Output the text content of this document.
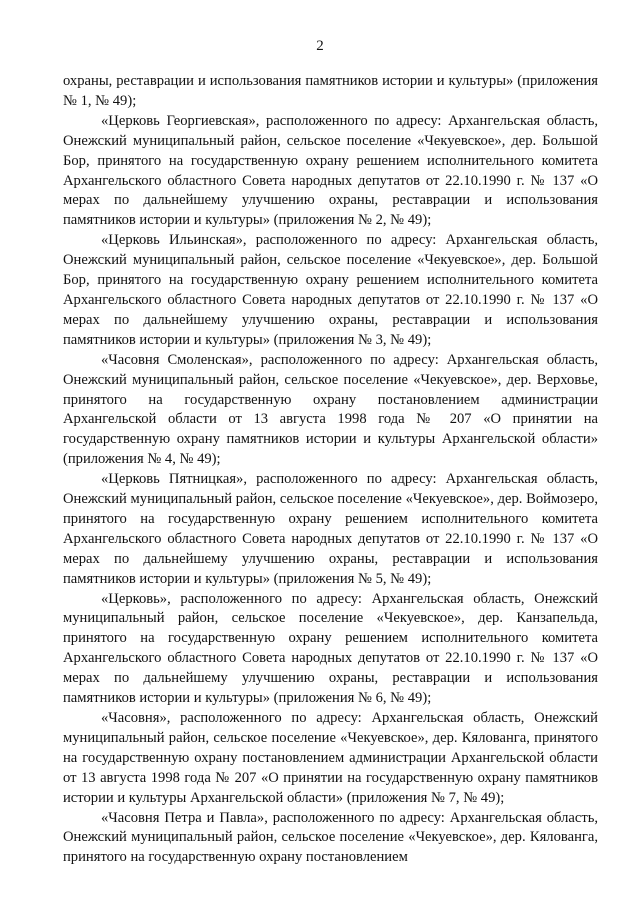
2

охраны, реставрации и использования памятников истории и культуры» (приложения № 1, № 49);

«Церковь Георгиевская», расположенного по адресу: Архангельская область, Онежский муниципальный район, сельское поселение «Чекуевское», дер. Большой Бор, принятого на государственную охрану решением исполнительного комитета Архангельского областного Совета народных депутатов от 22.10.1990 г. № 137 «О мерах по дальнейшему улучшению охраны, реставрации и использования памятников истории и культуры» (приложения № 2, № 49);

«Церковь Ильинская», расположенного по адресу: Архангельская область, Онежский муниципальный район, сельское поселение «Чекуевское», дер. Большой Бор, принятого на государственную охрану решением исполнительного комитета Архангельского областного Совета народных депутатов от 22.10.1990 г. № 137 «О мерах по дальнейшему улучшению охраны, реставрации и использования памятников истории и культуры» (приложения № 3, № 49);

«Часовня Смоленская», расположенного по адресу: Архангельская область, Онежский муниципальный район, сельское поселение «Чекуевское», дер. Верховье, принятого на государственную охрану постановлением администрации Архангельской области от 13 августа 1998 года № 207 «О принятии на государственную охрану памятников истории и культуры Архангельской области» (приложения № 4, № 49);

«Церковь Пятницкая», расположенного по адресу: Архангельская область, Онежский муниципальный район, сельское поселение «Чекуевское», дер. Воймозеро, принятого на государственную охрану решением исполнительного комитета Архангельского областного Совета народных депутатов от 22.10.1990 г. № 137 «О мерах по дальнейшему улучшению охраны, реставрации и использования памятников истории и культуры» (приложения № 5, № 49);

«Церковь», расположенного по адресу: Архангельская область, Онежский муниципальный район, сельское поселение «Чекуевское», дер. Канзапельда, принятого на государственную охрану решением исполнительного комитета Архангельского областного Совета народных депутатов от 22.10.1990 г. № 137 «О мерах по дальнейшему улучшению охраны, реставрации и использования памятников истории и культуры» (приложения № 6, № 49);

«Часовня», расположенного по адресу: Архангельская область, Онежский муниципальный район, сельское поселение «Чекуевское», дер. Кялованга, принятого на государственную охрану постановлением администрации Архангельской области от 13 августа 1998 года № 207 «О принятии на государственную охрану памятников истории и культуры Архангельской области» (приложения № 7, № 49);

«Часовня Петра и Павла», расположенного по адресу: Архангельская область, Онежский муниципальный район, сельское поселение «Чекуевское», дер. Кялованга, принятого на государственную охрану постановлением
